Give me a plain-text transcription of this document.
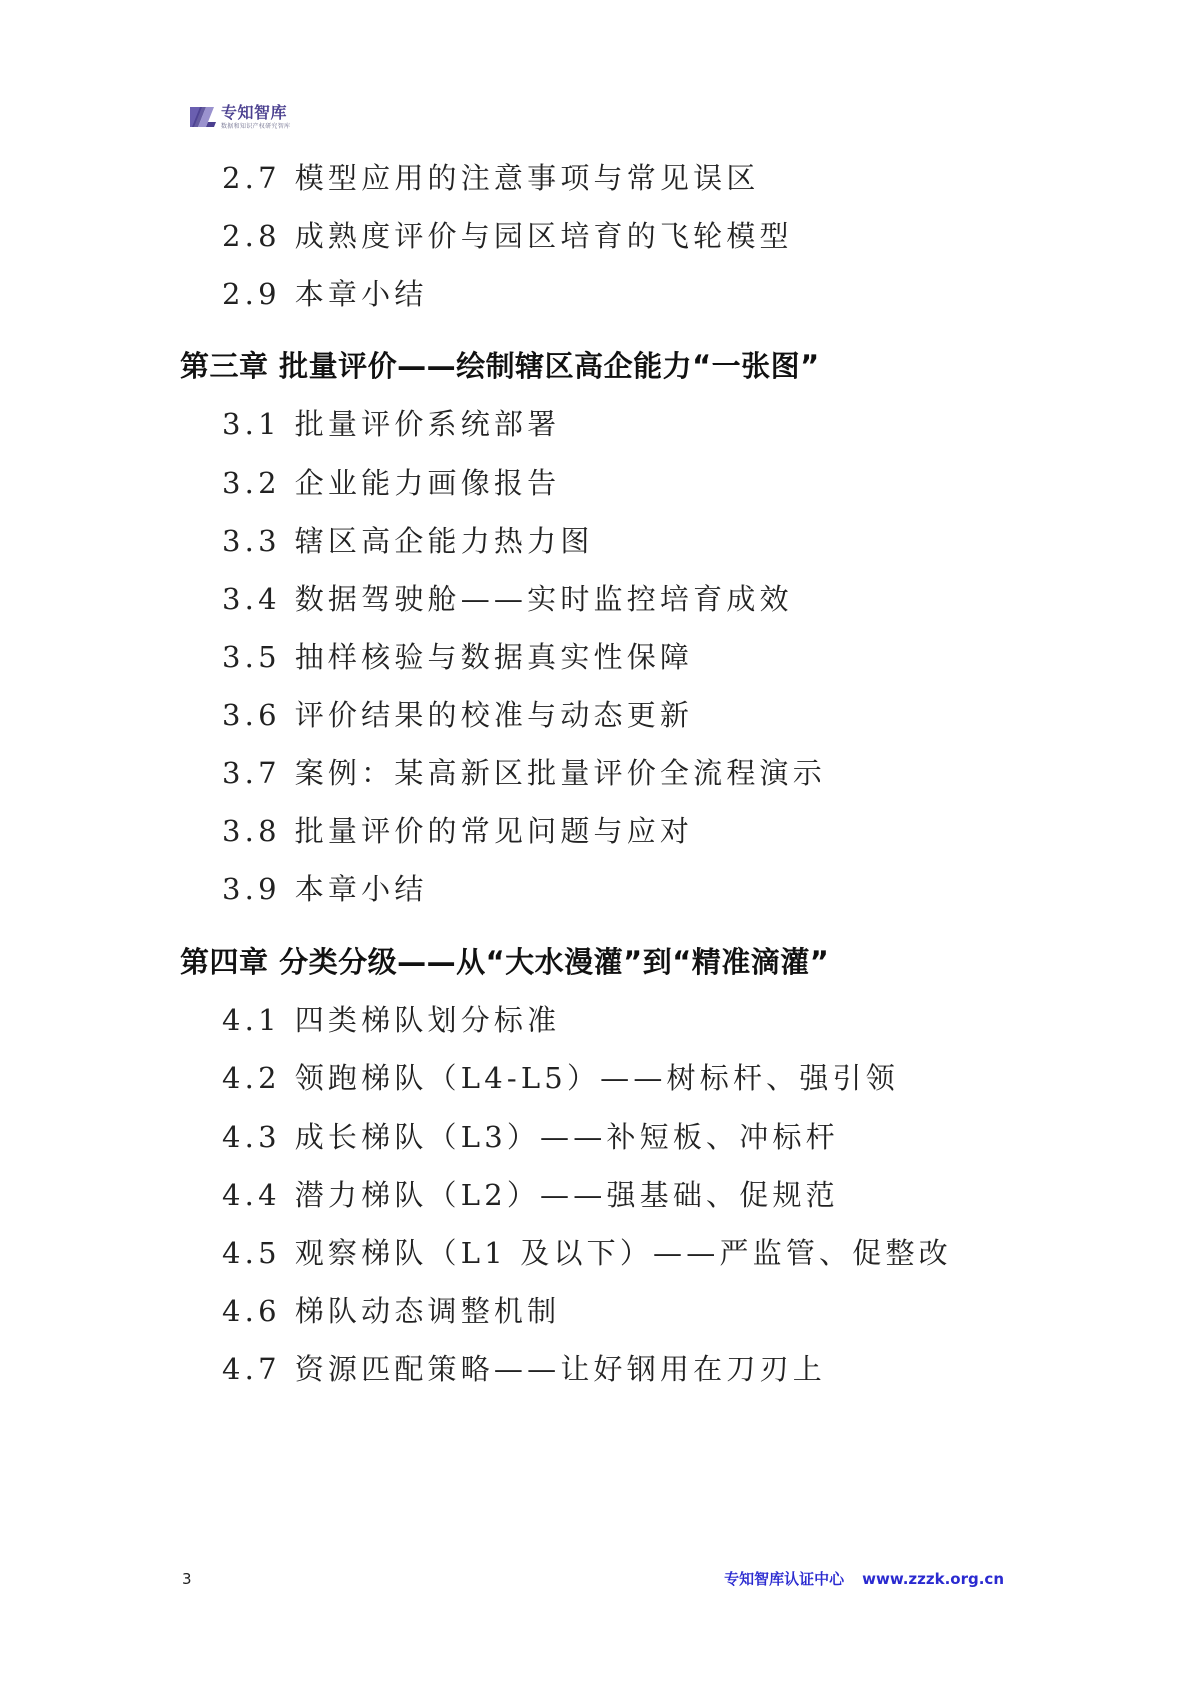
专知智库
数据和知识产权研究智库
2.7 模型应用的注意事项与常见误区
2.8 成熟度评价与园区培育的飞轮模型
2.9 本章小结
第三章 批量评价——绘制辖区高企能力“一张图”
3.1 批量评价系统部署
3.2 企业能力画像报告
3.3 辖区高企能力热力图
3.4 数据驾驶舱——实时监控培育成效
3.5 抽样核验与数据真实性保障
3.6 评价结果的校准与动态更新
3.7 案例：某高新区批量评价全流程演示
3.8 批量评价的常见问题与应对
3.9 本章小结
第四章 分类分级——从“大水漫灌”到“精准滴灌”
4.1 四类梯队划分标准
4.2 领跑梯队（L4-L5）——树标杆、强引领
4.3 成长梯队（L3）——补短板、冲标杆
4.4 潜力梯队（L2）——强基础、促规范
4.5 观察梯队（L1 及以下）——严监管、促整改
4.6 梯队动态调整机制
4.7 资源匹配策略——让好钢用在刀刃上
3	专知智库认证中心 www.zzzk.org.cn
